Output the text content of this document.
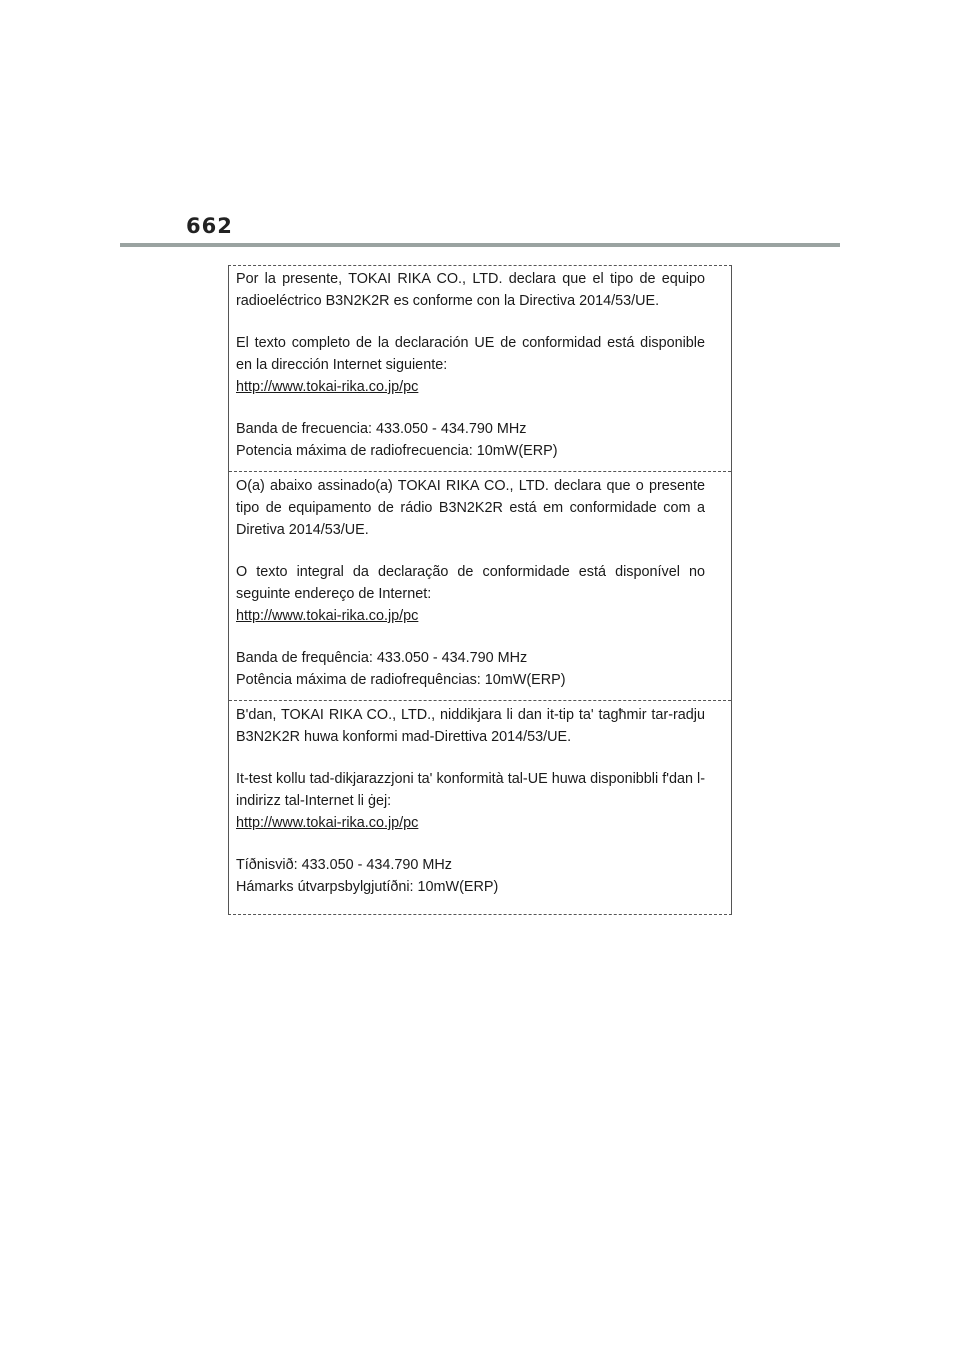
662

Por la presente, TOKAI RIKA CO., LTD. declara que el tipo de equipo radioeléctrico B3N2K2R es conforme con la Directiva 2014/53/UE.

El texto completo de la declaración UE de conformidad está disponible en la dirección Internet siguiente:

http://www.tokai-rika.co.jp/pc

Banda de frecuencia: 433.050 - 434.790 MHz

Potencia máxima de radiofrecuencia: 10mW(ERP)

O(a) abaixo assinado(a) TOKAI RIKA CO., LTD. declara que o presente tipo de equipamento de rádio B3N2K2R está em conformidade com a Diretiva 2014/53/UE.

O texto integral da declaração de conformidade está disponível no seguinte endereço de Internet:

http://www.tokai-rika.co.jp/pc

Banda de frequência: 433.050 - 434.790 MHz

Potência máxima de radiofrequências: 10mW(ERP)

B'dan, TOKAI RIKA CO., LTD., niddikjara li dan it-tip ta' tagħmir tar-radju B3N2K2R huwa konformi mad-Direttiva 2014/53/UE.

It-test kollu tad-dikjarazzjoni ta' konformità tal-UE huwa disponibbli f'dan l-indirizz tal-Internet li ġej:

http://www.tokai-rika.co.jp/pc

Tíðnisvið: 433.050 - 434.790 MHz

Hámarks útvarpsbylgjutíðni: 10mW(ERP)
